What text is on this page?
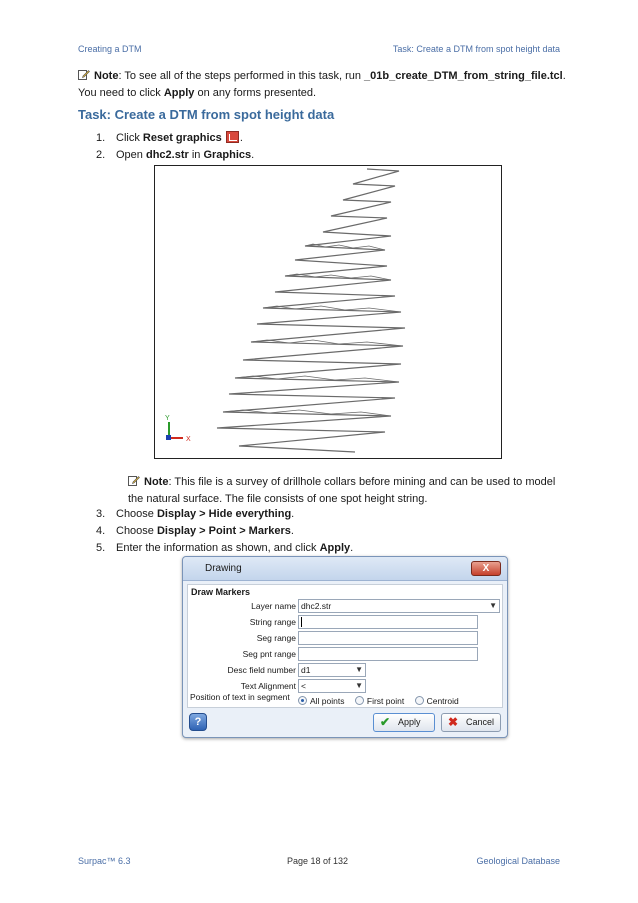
Creating a DTM	Task: Create a DTM from spot height data
Note: To see all of the steps performed in this task, run _01b_create_DTM_from_string_file.tcl.
You need to click Apply on any forms presented.
Task: Create a DTM from spot height data
1. Click Reset graphics .
2. Open dhc2.str in Graphics.
Y
X
Note: This file is a survey of drillhole collars before mining and can be used to model the natural surface. The file consists of one spot height string.
3. Choose Display > Hide everything.
4. Choose Display > Point > Markers.
5. Enter the information as shown, and click Apply.
Drawing	X
Draw Markers
Layer name dhc2.str	▼
String range
Seg range
Seg pnt range
Desc field number d1	▼
Text Alignment <	▼
Position of text in segment	All points	First point	Centroid
?	✔ Apply	✖ Cancel
Surpac™ 6.3	Page 18 of 132	Geological Database
